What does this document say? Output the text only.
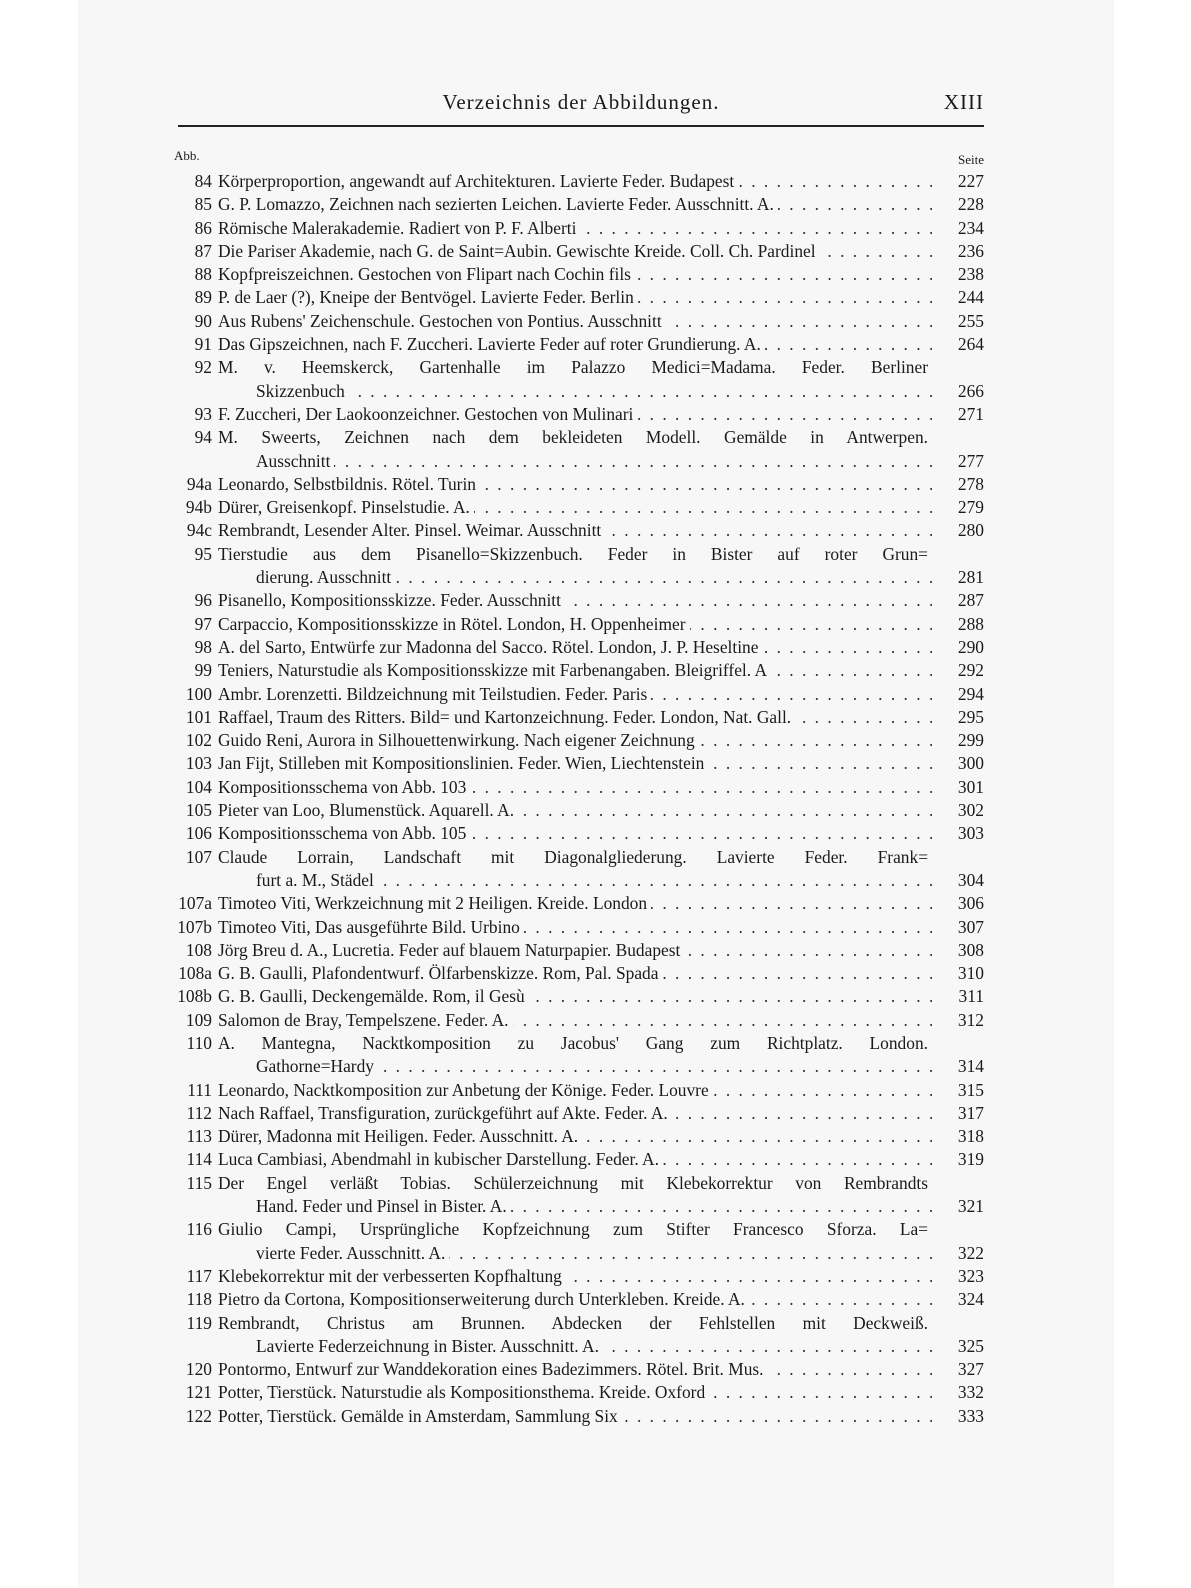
Verzeichnis der Abbildungen.	XIII
Abb.	Seite
84 Körperproportion, angewandt auf Architekturen. Lavierte Feder. Budapest . . .	227
85 G. P. Lomazzo, Zeichnen nach sezierten Leichen. Lavierte Feder. Ausschnitt. A. . . .	228
86 Römische Malerakademie. Radiert von P. F. Alberti . . .	234
87 Die Pariser Akademie, nach G. de Saint=Aubin. Gewischte Kreide. Coll. Ch. Pardinel . . .	236
88 Kopfpreiszeichnen. Gestochen von Flipart nach Cochin fils . . .	238
89 P. de Laer (?), Kneipe der Bentvögel. Lavierte Feder. Berlin . . .	244
90 Aus Rubens' Zeichenschule. Gestochen von Pontius. Ausschnitt . . .	255
91 Das Gipszeichnen, nach F. Zuccheri. Lavierte Feder auf roter Grundierung. A. . . .	264
92 M. v. Heemskerck, Gartenhalle im Palazzo Medici=Madama. Feder. Berliner
Skizzenbuch . . .	266
93 F. Zuccheri, Der Laokoonzeichner. Gestochen von Mulinari . . .	271
94 M. Sweerts, Zeichnen nach dem bekleideten Modell. Gemälde in Antwerpen.
Ausschnitt . . .	277
94a Leonardo, Selbstbildnis. Rötel. Turin . . .	278
94b Dürer, Greisenkopf. Pinselstudie. A. . . .	279
94c Rembrandt, Lesender Alter. Pinsel. Weimar. Ausschnitt . . .	280
95 Tierstudie aus dem Pisanello=Skizzenbuch. Feder in Bister auf roter Grun=
dierung. Ausschnitt . . .	281
96 Pisanello, Kompositionsskizze. Feder. Ausschnitt . . .	287
97 Carpaccio, Kompositionsskizze in Rötel. London, H. Oppenheimer . . .	288
98 A. del Sarto, Entwürfe zur Madonna del Sacco. Rötel. London, J. P. Heseltine . . .	290
99 Teniers, Naturstudie als Kompositionsskizze mit Farbenangaben. Bleigriffel. A . . .	292
100 Ambr. Lorenzetti. Bildzeichnung mit Teilstudien. Feder. Paris . . .	294
101 Raffael, Traum des Ritters. Bild= und Kartonzeichnung. Feder. London, Nat. Gall. . . .	295
102 Guido Reni, Aurora in Silhouettenwirkung. Nach eigener Zeichnung . . .	299
103 Jan Fijt, Stilleben mit Kompositionslinien. Feder. Wien, Liechtenstein . . .	300
104 Kompositionsschema von Abb. 103 . . .	301
105 Pieter van Loo, Blumenstück. Aquarell. A. . . .	302
106 Kompositionsschema von Abb. 105 . . .	303
107 Claude Lorrain, Landschaft mit Diagonalgliederung. Lavierte Feder. Frank=
furt a. M., Städel . . .	304
107a Timoteo Viti, Werkzeichnung mit 2 Heiligen. Kreide. London . . .	306
107b Timoteo Viti, Das ausgeführte Bild. Urbino . . .	307
108 Jörg Breu d. A., Lucretia. Feder auf blauem Naturpapier. Budapest . . .	308
108a G. B. Gaulli, Plafondentwurf. Ölfarbenskizze. Rom, Pal. Spada . . .	310
108b G. B. Gaulli, Deckengemälde. Rom, il Gesù . . .	311
109 Salomon de Bray, Tempelszene. Feder. A. . . .	312
110 A. Mantegna, Nacktkomposition zu Jacobus' Gang zum Richtplatz. London.
Gathorne=Hardy . . .	314
111 Leonardo, Nacktkomposition zur Anbetung der Könige. Feder. Louvre . . .	315
112 Nach Raffael, Transfiguration, zurückgeführt auf Akte. Feder. A. . . .	317
113 Dürer, Madonna mit Heiligen. Feder. Ausschnitt. A. . . .	318
114 Luca Cambiasi, Abendmahl in kubischer Darstellung. Feder. A. . . .	319
115 Der Engel verläßt Tobias. Schülerzeichnung mit Klebekorrektur von Rembrandts
Hand. Feder und Pinsel in Bister. A. . . .	321
116 Giulio Campi, Ursprüngliche Kopfzeichnung zum Stifter Francesco Sforza. La=
vierte Feder. Ausschnitt. A. . . .	322
117 Klebekorrektur mit der verbesserten Kopfhaltung . . .	323
118 Pietro da Cortona, Kompositionserweiterung durch Unterkleben. Kreide. A. . . .	324
119 Rembrandt, Christus am Brunnen. Abdecken der Fehlstellen mit Deckweiß.
Lavierte Federzeichnung in Bister. Ausschnitt. A. . . .	325
120 Pontormo, Entwurf zur Wanddekoration eines Badezimmers. Rötel. Brit. Mus. . . .	327
121 Potter, Tierstück. Naturstudie als Kompositionsthema. Kreide. Oxford . . .	332
122 Potter, Tierstück. Gemälde in Amsterdam, Sammlung Six . . .	333
